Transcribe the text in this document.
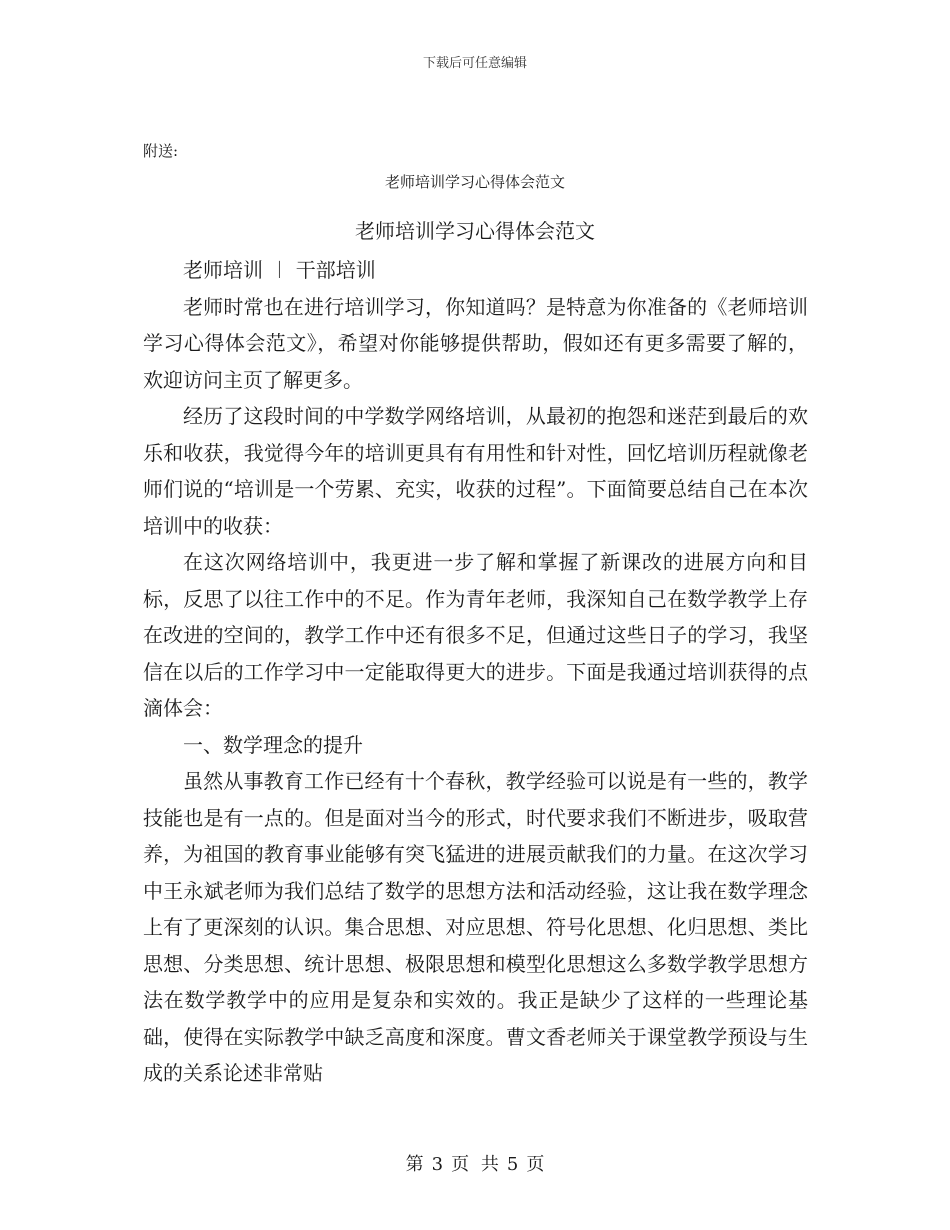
下载后可任意编辑
附送:
老师培训学习心得体会范文
老师培训学习心得体会范文

老师培训 ︱ 干部培训

老师时常也在进行培训学习，你知道吗？是特意为你准备的《老师培训学习心得体会范文》，希望对你能够提供帮助，假如还有更多需要了解的，欢迎访问主页了解更多。

经历了这段时间的中学数学网络培训，从最初的抱怨和迷茫到最后的欢乐和收获，我觉得今年的培训更具有有用性和针对性，回忆培训历程就像老师们说的“培训是一个劳累、充实，收获的过程”。下面简要总结自己在本次培训中的收获：

在这次网络培训中，我更进一步了解和掌握了新课改的进展方向和目标，反思了以往工作中的不足。作为青年老师，我深知自己在数学教学上存在改进的空间的，教学工作中还有很多不足，但通过这些日子的学习，我坚信在以后的工作学习中一定能取得更大的进步。下面是我通过培训获得的点滴体会：

一、数学理念的提升

虽然从事教育工作已经有十个春秋，教学经验可以说是有一些的，教学技能也是有一点的。但是面对当今的形式，时代要求我们不断进步，吸取营养，为祖国的教育事业能够有突飞猛进的进展贡献我们的力量。在这次学习中王永斌老师为我们总结了数学的思想方法和活动经验，这让我在数学理念上有了更深刻的认识。集合思想、对应思想、符号化思想、化归思想、类比思想、分类思想、统计思想、极限思想和模型化思想这么多数学教学思想方法在数学教学中的应用是复杂和实效的。我正是缺少了这样的一些理论基础，使得在实际教学中缺乏高度和深度。曹文香老师关于课堂教学预设与生成的关系论述非常贴

第 3 页 共 5 页
